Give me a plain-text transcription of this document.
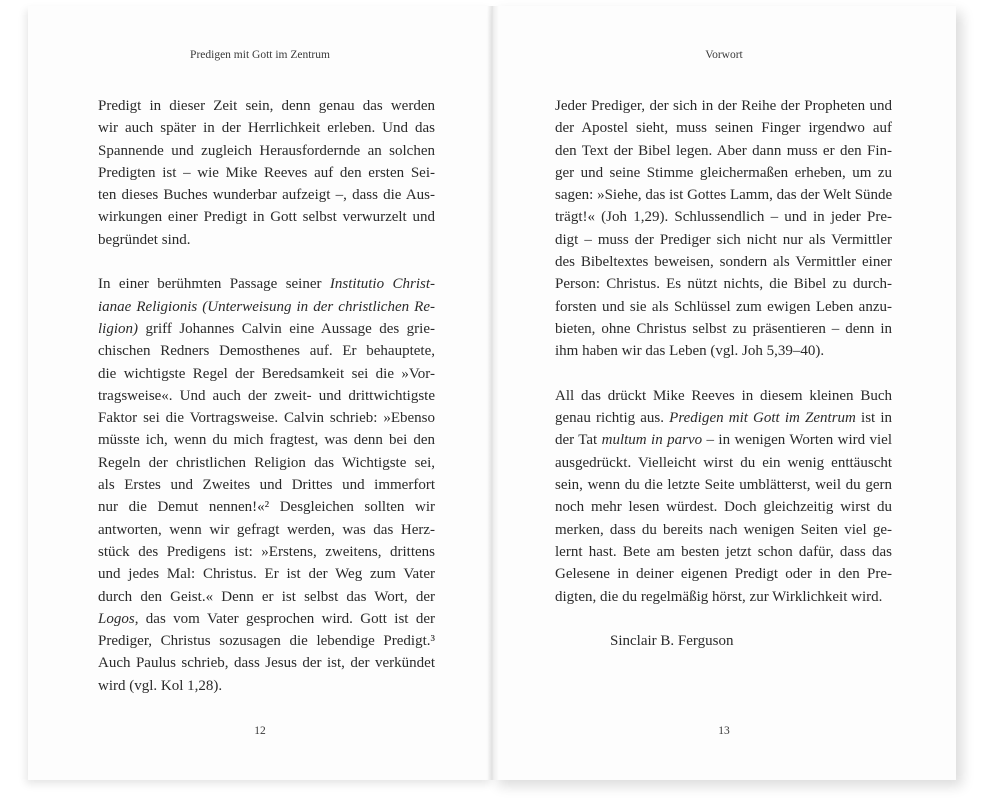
Predigen mit Gott im Zentrum
Predigt in dieser Zeit sein, denn genau das werden
wir auch später in der Herrlichkeit erleben. Und das
Spannende und zugleich Herausfordernde an solchen
Predigten ist – wie Mike Reeves auf den ersten Sei-
ten dieses Buches wunderbar aufzeigt –, dass die Aus-
wirkungen einer Predigt in Gott selbst verwurzelt und
begründet sind.
In einer berühmten Passage seiner Institutio Christ-
ianae Religionis (Unterweisung in der christlichen Re-
ligion) griff Johannes Calvin eine Aussage des grie-
chischen Redners Demosthenes auf. Er behauptete,
die wichtigste Regel der Beredsamkeit sei die »Vor-
tragsweise«. Und auch der zweit- und drittwichtigste
Faktor sei die Vortragsweise. Calvin schrieb: »Ebenso
müsste ich, wenn du mich fragtest, was denn bei den
Regeln der christlichen Religion das Wichtigste sei,
als Erstes und Zweites und Drittes und immerfort
nur die Demut nennen!«² Desgleichen sollten wir
antworten, wenn wir gefragt werden, was das Herz-
stück des Predigens ist: »Erstens, zweitens, drittens
und jedes Mal: Christus. Er ist der Weg zum Vater
durch den Geist.« Denn er ist selbst das Wort, der
Logos, das vom Vater gesprochen wird. Gott ist der
Prediger, Christus sozusagen die lebendige Predigt.³
Auch Paulus schrieb, dass Jesus der ist, der verkündet
wird (vgl. Kol 1,28).
12
Vorwort
Jeder Prediger, der sich in der Reihe der Propheten und
der Apostel sieht, muss seinen Finger irgendwo auf
den Text der Bibel legen. Aber dann muss er den Fin-
ger und seine Stimme gleichermaßen erheben, um zu
sagen: »Siehe, das ist Gottes Lamm, das der Welt Sünde
trägt!« (Joh 1,29). Schlussendlich – und in jeder Pre-
digt – muss der Prediger sich nicht nur als Vermittler
des Bibeltextes beweisen, sondern als Vermittler einer
Person: Christus. Es nützt nichts, die Bibel zu durch-
forsten und sie als Schlüssel zum ewigen Leben anzu-
bieten, ohne Christus selbst zu präsentieren – denn in
ihm haben wir das Leben (vgl. Joh 5,39–40).
All das drückt Mike Reeves in diesem kleinen Buch
genau richtig aus. Predigen mit Gott im Zentrum ist in
der Tat multum in parvo – in wenigen Worten wird viel
ausgedrückt. Vielleicht wirst du ein wenig enttäuscht
sein, wenn du die letzte Seite umblätterst, weil du gern
noch mehr lesen würdest. Doch gleichzeitig wirst du
merken, dass du bereits nach wenigen Seiten viel ge-
lernt hast. Bete am besten jetzt schon dafür, dass das
Gelesene in deiner eigenen Predigt oder in den Pre-
digten, die du regelmäßig hörst, zur Wirklichkeit wird.
Sinclair B. Ferguson
13
